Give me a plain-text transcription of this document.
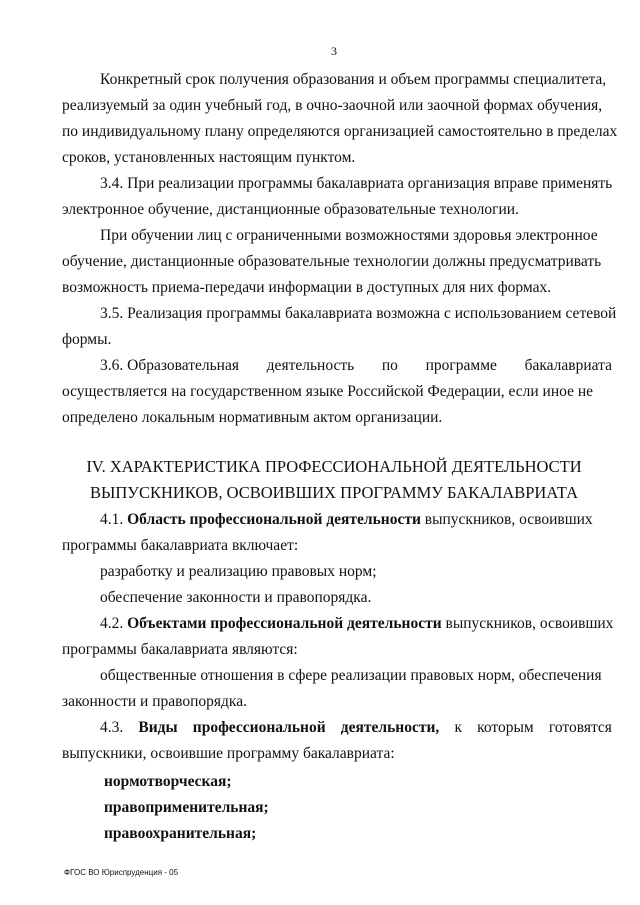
3
Конкретный срок получения образования и объем программы специалитета,
реализуемый за один учебный год, в очно-заочной или заочной формах обучения,
по индивидуальному плану определяются организацией самостоятельно в пределах
сроков, установленных настоящим пунктом.
3.4. При реализации программы бакалавриата организация вправе применять
электронное обучение, дистанционные образовательные технологии.
При обучении лиц с ограниченными возможностями здоровья электронное
обучение, дистанционные образовательные технологии должны предусматривать
возможность приема-передачи информации в доступных для них формах.
3.5. Реализация программы бакалавриата возможна с использованием сетевой
формы.
3.6. Образовательная деятельность по программе бакалавриата
осуществляется на государственном языке Российской Федерации, если иное не
определено локальным нормативным актом организации.
IV. ХАРАКТЕРИСТИКА ПРОФЕССИОНАЛЬНОЙ ДЕЯТЕЛЬНОСТИ
ВЫПУСКНИКОВ, ОСВОИВШИХ ПРОГРАММУ БАКАЛАВРИАТА
4.1. Область профессиональной деятельности выпускников, освоивших
программы бакалавриата включает:
разработку и реализацию правовых норм;
обеспечение законности и правопорядка.
4.2. Объектами профессиональной деятельности выпускников, освоивших
программы бакалавриата являются:
общественные отношения в сфере реализации правовых норм, обеспечения
законности и правопорядка.
4.3. Виды профессиональной деятельности, к которым готовятся
выпускники, освоившие программу бакалавриата:
нормотворческая;
правоприменительная;
правоохранительная;
ФГОС ВО Юриспруденция - 05
